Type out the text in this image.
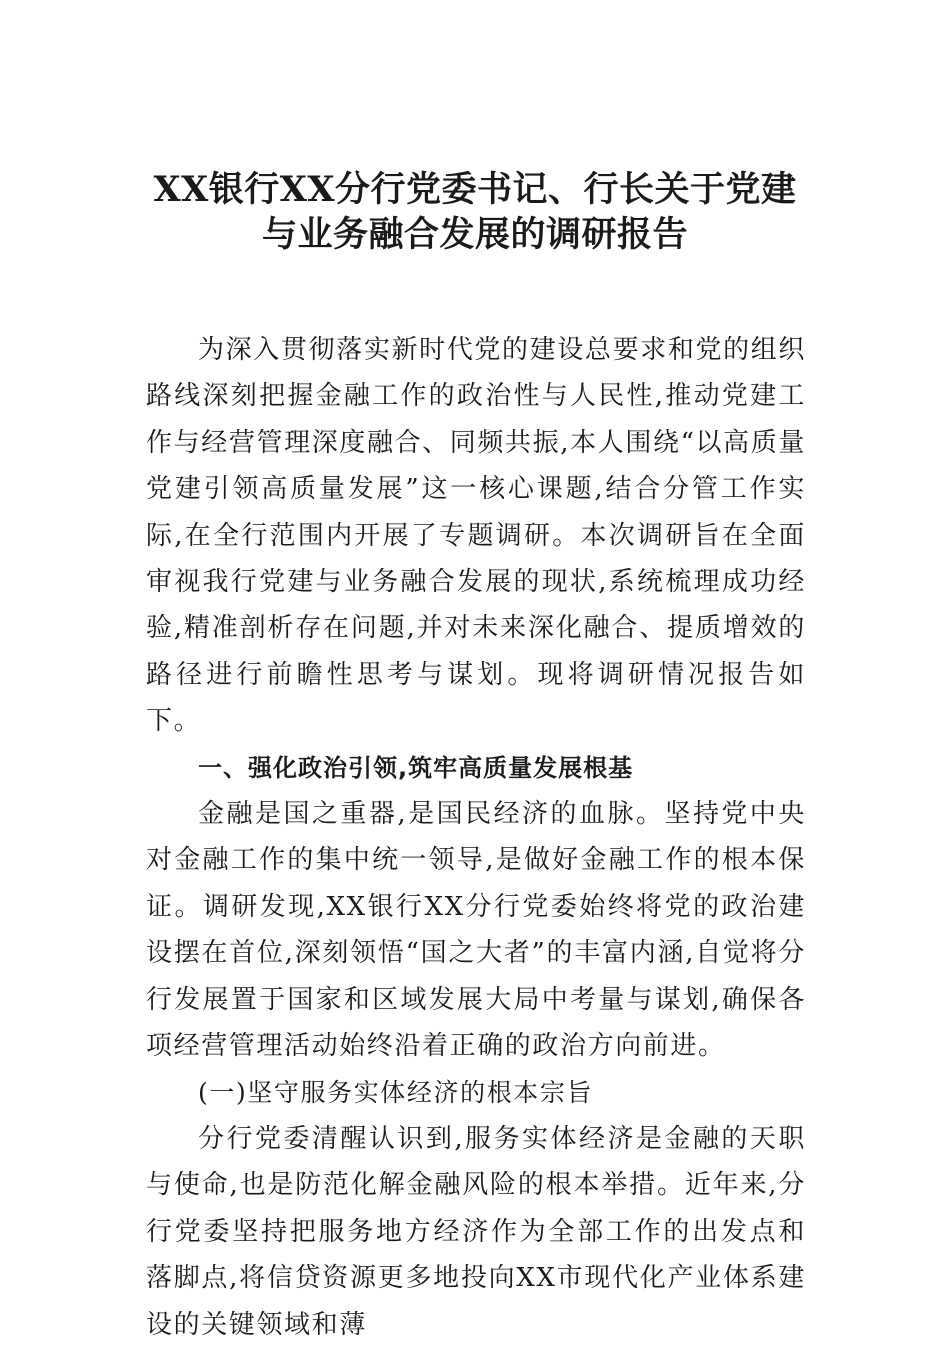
XX银行XX分行党委书记、行长关于党建
与业务融合发展的调研报告

为深入贯彻落实新时代党的建设总要求和党的组织路线深刻把握金融工作的政治性与人民性,推动党建工作与经营管理深度融合、同频共振,本人围绕“以高质量党建引领高质量发展”这一核心课题,结合分管工作实际,在全行范围内开展了专题调研。本次调研旨在全面审视我行党建与业务融合发展的现状,系统梳理成功经验,精准剖析存在问题,并对未来深化融合、提质增效的路径进行前瞻性思考与谋划。现将调研情况报告如下。

一、强化政治引领,筑牢高质量发展根基

金融是国之重器,是国民经济的血脉。坚持党中央对金融工作的集中统一领导,是做好金融工作的根本保证。调研发现,XX银行XX分行党委始终将党的政治建设摆在首位,深刻领悟“国之大者”的丰富内涵,自觉将分行发展置于国家和区域发展大局中考量与谋划,确保各项经营管理活动始终沿着正确的政治方向前进。

(一)坚守服务实体经济的根本宗旨

分行党委清醒认识到,服务实体经济是金融的天职与使命,也是防范化解金融风险的根本举措。近年来,分行党委坚持把服务地方经济作为全部工作的出发点和落脚点,将信贷资源更多地投向XX市现代化产业体系建设的关键领域和薄
